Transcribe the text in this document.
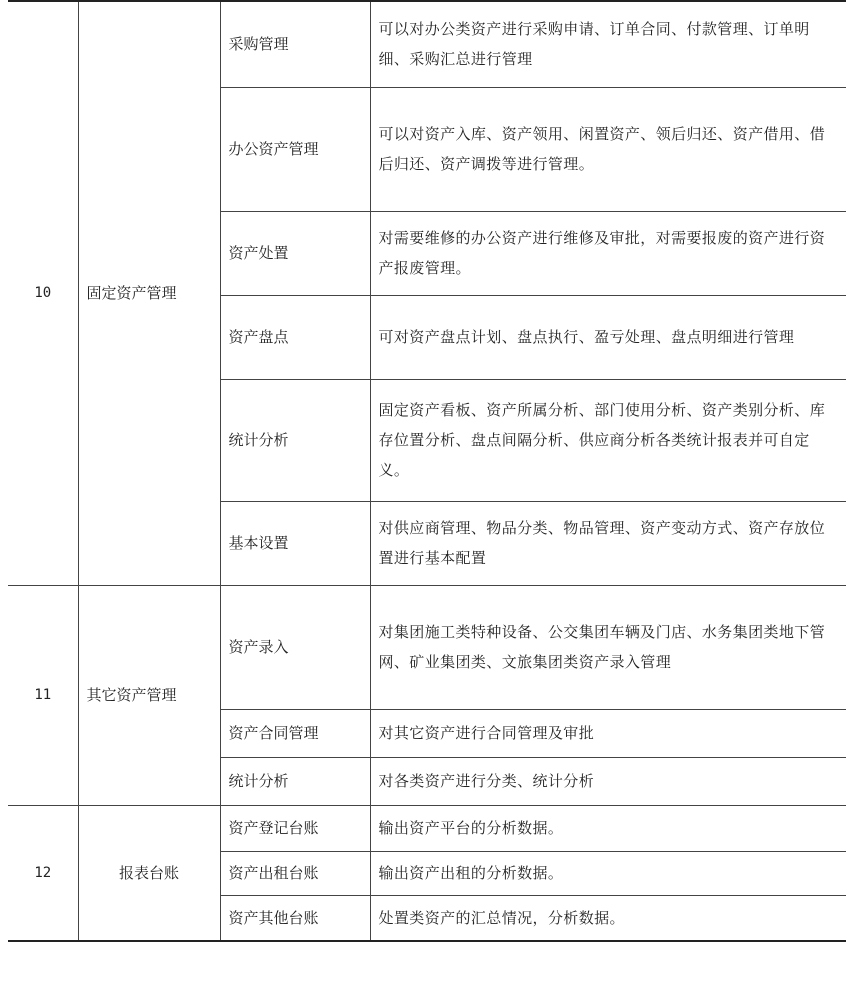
10	固定资产管理	采购管理	可以对办公类资产进行采购申请、订单合同、付款管理、订单明细、采购汇总进行管理
		办公资产管理	可以对资产入库、资产领用、闲置资产、领后归还、资产借用、借后归还、资产调拨等进行管理。
		资产处置	对需要维修的办公资产进行维修及审批，对需要报废的资产进行资产报废管理。
		资产盘点	可对资产盘点计划、盘点执行、盈亏处理、盘点明细进行管理
		统计分析	固定资产看板、资产所属分析、部门使用分析、资产类别分析、库存位置分析、盘点间隔分析、供应商分析各类统计报表并可自定义。
		基本设置	对供应商管理、物品分类、物品管理、资产变动方式、资产存放位置进行基本配置
11	其它资产管理	资产录入	对集团施工类特种设备、公交集团车辆及门店、水务集团类地下管网、矿业集团类、文旅集团类资产录入管理
		资产合同管理	对其它资产进行合同管理及审批
		统计分析	对各类资产进行分类、统计分析
12	报表台账	资产登记台账	输出资产平台的分析数据。
		资产出租台账	输出资产出租的分析数据。
		资产其他台账	处置类资产的汇总情况，分析数据。
